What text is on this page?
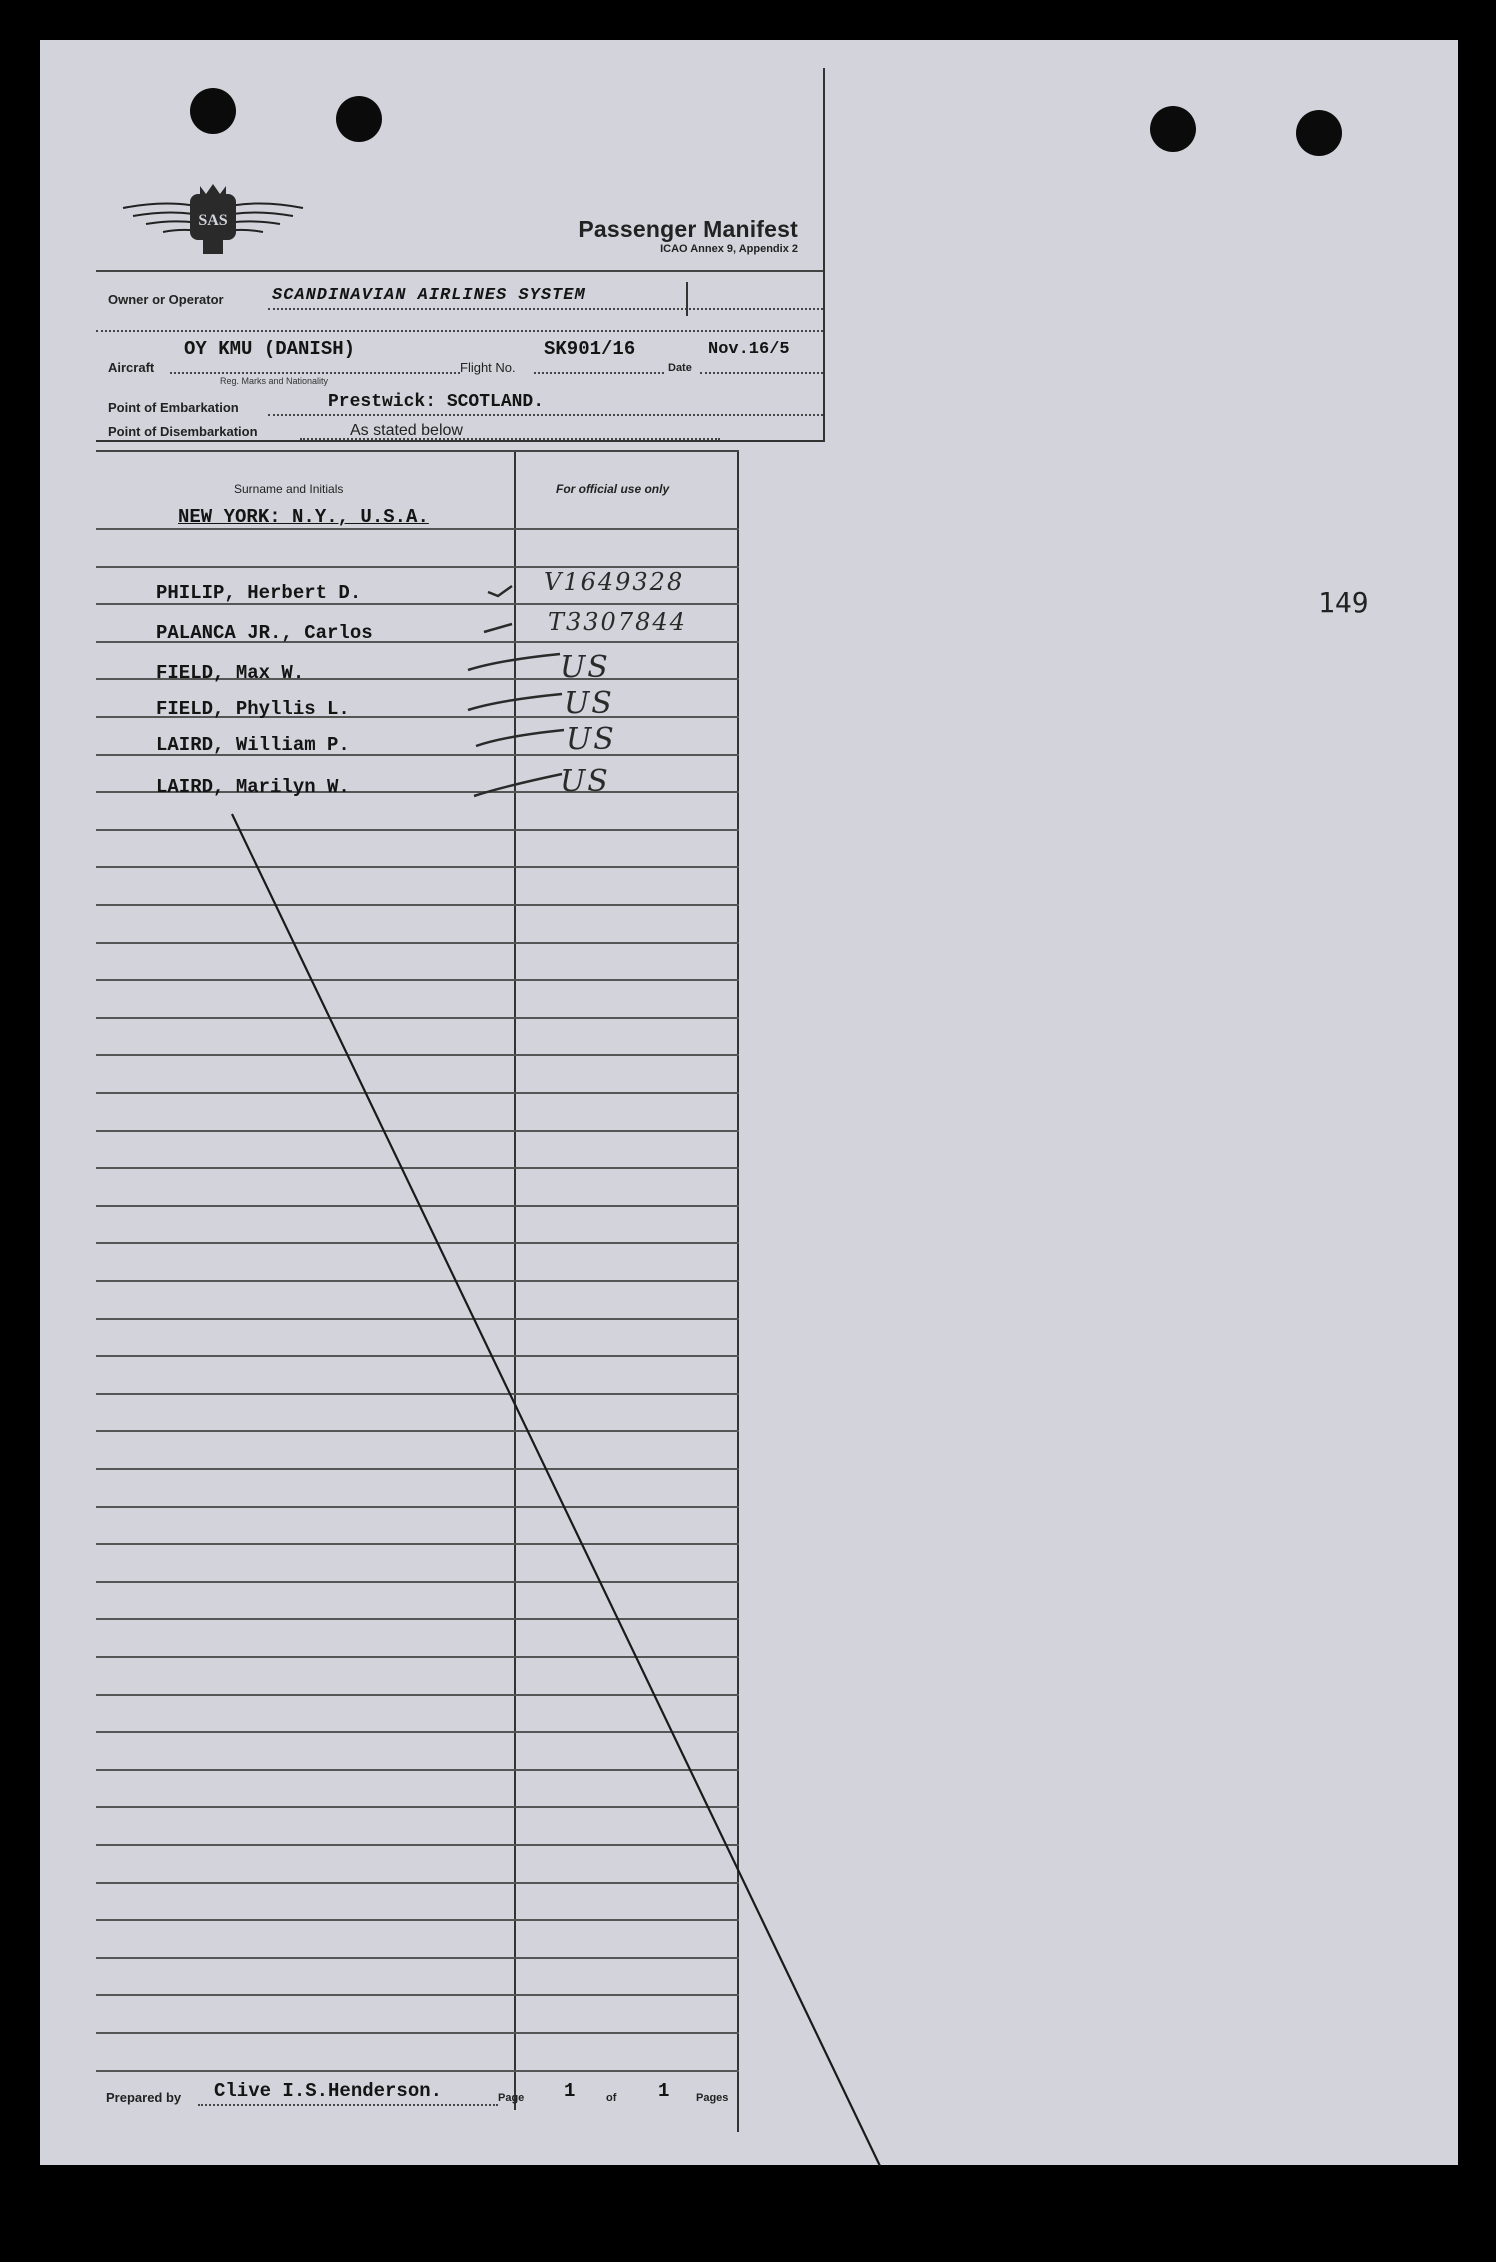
SAS	Passenger Manifest
ICAO Annex 9, Appendix 2
Owner or Operator	SCANDINAVIAN AIRLINES SYSTEM
OY KMU (DANISH)
Aircraft
Reg. Marks and Nationality
Flight No.
SK901/16
Date
Nov.16/5
Point of Embarkation	Prestwick: SCOTLAND.
Point of Disembarkation	As stated below
Surname and Initials	For official use only
NEW YORK: N.Y., U.S.A.
PHILIP, Herbert D.	V1649328
PALANCA JR., Carlos	T3307844
FIELD, Max W.	US
FIELD, Phyllis L.	US
LAIRD, William P.	US
LAIRD, Marilyn W.	US
Prepared by Clive I.S.Henderson.	Page 1	of 1 Pages
149
